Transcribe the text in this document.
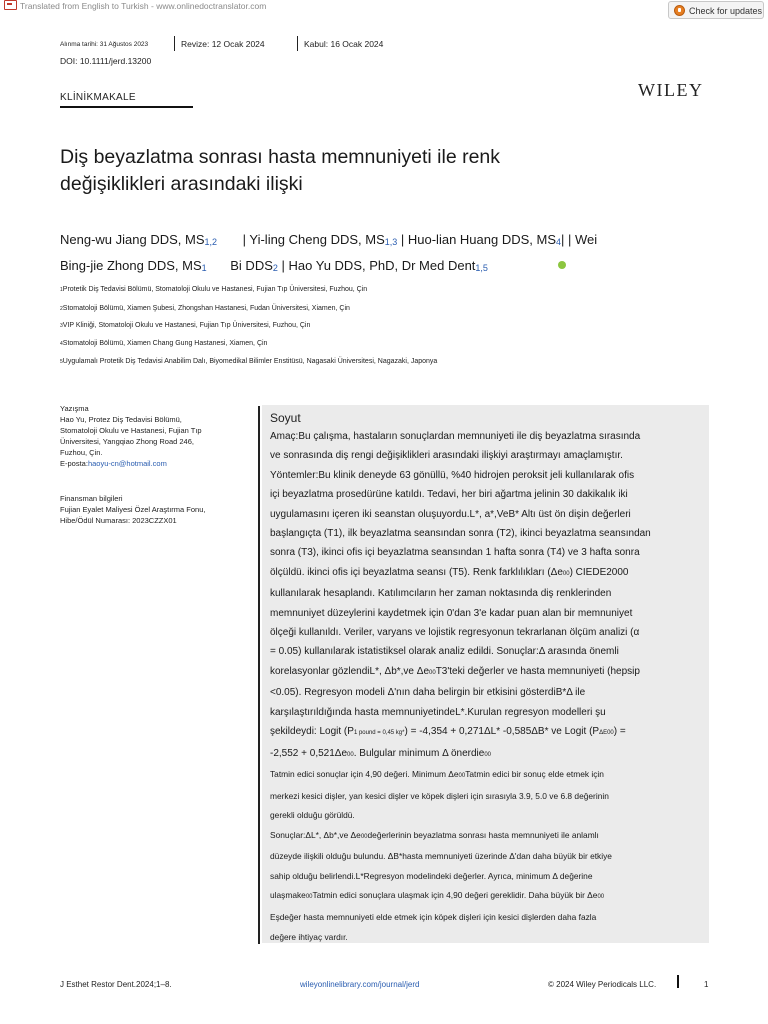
Translated from English to Turkish - www.onlinedoctranslator.com	Check for updates
Alınma tarihi: 31 Ağustos 2023	Revize: 12 Ocak 2024	Kabul: 16 Ocak 2024
DOI: 10.1111/jerd.13200
KLİNİKMAKALE	WILEY
Diş beyazlatma sonrası hasta memnuniyeti ile renk
değişiklikleri arasındaki ilişki
Neng-wu Jiang DDS, MS1,2 | Yi-ling Cheng DDS, MS1,3 | Huo-lian Huang DDS, MS4| | Wei
Bing-jie Zhong DDS, MS1 Bi DDS2 | Hao Yu DDS, PhD, Dr Med Dent1,5
1Protetik Diş Tedavisi Bölümü, Stomatoloji Okulu ve Hastanesi, Fujian Tıp Üniversitesi, Fuzhou, Çin
2Stomatoloji Bölümü, Xiamen Şubesi, Zhongshan Hastanesi, Fudan Üniversitesi, Xiamen, Çin
3VIP Kliniği, Stomatoloji Okulu ve Hastanesi, Fujian Tıp Üniversitesi, Fuzhou, Çin
4Stomatoloji Bölümü, Xiamen Chang Gung Hastanesi, Xiamen, Çin
5Uygulamalı Protetik Diş Tedavisi Anabilim Dalı, Biyomedikal Bilimler Enstitüsü, Nagasaki Üniversitesi, Nagazaki, Japonya
Yazışma
Hao Yu, Protez Diş Tedavisi Bölümü,
Stomatoloji Okulu ve Hastanesi, Fujian Tıp
Üniversitesi, Yangqiao Zhong Road 246,
Fuzhou, Çin.
E-posta:haoyu-cn@hotmail.com
Finansman bilgileri
Fujian Eyalet Maliyesi Özel Araştırma Fonu,
Hibe/Ödül Numarası: 2023CZZX01
Soyut
Amaç:Bu çalışma, hastaların sonuçlardan memnuniyeti ile diş beyazlatma sırasında
ve sonrasında diş rengi değişiklikleri arasındaki ilişkiyi araştırmayı amaçlamıştır.
Yöntemler:Bu klinik deneyde 63 gönüllü, %40 hidrojen peroksit jeli kullanılarak ofis
içi beyazlatma prosedürüne katıldı. Tedavi, her biri ağartma jelinin 30 dakikalık iki
uygulamasını içeren iki seanstan oluşuyordu.L*, a*,VeB* Altı üst ön dişin değerleri
başlangıçta (T1), ilk beyazlatma seansından sonra (T2), ikinci beyazlatma seansından
sonra (T3), ikinci ofis içi beyazlatma seansından 1 hafta sonra (T4) ve 3 hafta sonra
ölçüldü. ikinci ofis içi beyazlatma seansı (T5). Renk farklılıkları (Δe00) CIEDE2000
kullanılarak hesaplandı. Katılımcıların her zaman noktasında diş renklerinden
memnuniyet düzeylerini kaydetmek için 0'dan 3'e kadar puan alan bir memnuniyet
ölçeği kullanıldı. Veriler, varyans ve lojistik regresyonun tekrarlanan ölçüm analizi (α
= 0.05) kullanılarak istatistiksel olarak analiz edildi. Sonuçlar:Δ arasında önemli
korelasyonlar gözlendiL*, Δb*,ve Δe00T3'teki değerler ve hasta memnuniyeti (hepsip
<0.05). Regresyon modeli Δ'nın daha belirgin bir etkisini gösterdiB*Δ ile
karşılaştırıldığında hasta memnuniyetindeL*.Kurulan regresyon modelleri şu
şekildeydi: Logit (P1 pound = 0,45 kg*) = -4,354 + 0,271ΔL* -0,585ΔB* ve Logit (PΔE00) =
-2,552 + 0,521Δe00. Bulgular minimum Δ önerdie00
Tatmin edici sonuçlar için 4,90 değeri. Minimum Δe00Tatmin edici bir sonuç elde etmek için
merkezi kesici dişler, yan kesici dişler ve köpek dişleri için sırasıyla 3.9, 5.0 ve 6.8 değerinin
gerekli olduğu görüldü.
Sonuçlar:ΔL*, Δb*,ve Δe00değerlerinin beyazlatma sonrası hasta memnuniyeti ile anlamlı
düzeyde ilişkili olduğu bulundu. ΔB*hasta memnuniyeti üzerinde Δ'dan daha büyük bir etkiye
sahip olduğu belirlendi.L*Regresyon modelindeki değerler. Ayrıca, minimum Δ değerine
ulaşmake00Tatmin edici sonuçlara ulaşmak için 4,90 değeri gereklidir. Daha büyük bir Δe00
Eşdeğer hasta memnuniyeti elde etmek için köpek dişleri için kesici dişlerden daha fazla
değere ihtiyaç vardır.
J Esthet Restor Dent.2024;1–8.	wileyonlinelibrary.com/journal/jerd	© 2024 Wiley Periodicals LLC.	1
